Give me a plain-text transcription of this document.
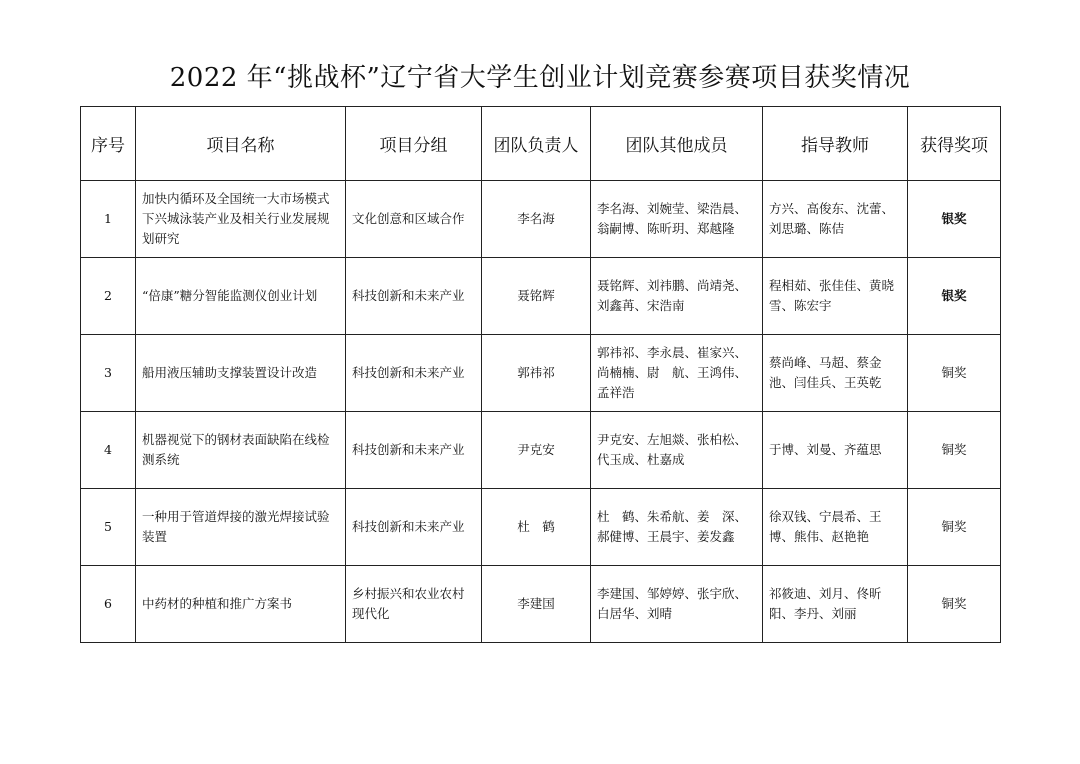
2022 年“挑战杯”辽宁省大学生创业计划竞赛参赛项目获奖情况
序号	项目名称	项目分组	团队负责人	团队其他成员	指导教师	获得奖项
1	加快内循环及全国统一大市场模式下兴城泳装产业及相关行业发展规划研究	文化创意和区域合作	李名海	李名海、刘婉莹、梁浩晨、翁嗣博、陈昕玥、郑越隆	方兴、高俊东、沈蕾、刘思璐、陈佶	银奖
2	“倍康”糖分智能监测仪创业计划	科技创新和未来产业	聂铭辉	聂铭辉、刘祎鹏、尚靖尧、刘鑫苒、宋浩南	程相茹、张佳佳、黄晓雪、陈宏宇	银奖
3	船用液压辅助支撑装置设计改造	科技创新和未来产业	郭祎祁	郭祎祁、李永晨、崔家兴、尚楠楠、尉　航、王鸿伟、孟祥浩	蔡尚峰、马超、蔡金池、闫佳兵、王英乾	铜奖
4	机器视觉下的钢材表面缺陷在线检测系统	科技创新和未来产业	尹克安	尹克安、左旭燚、张柏松、代玉成、杜嘉成	于博、刘曼、齐蕴思	铜奖
5	一种用于管道焊接的激光焊接试验装置	科技创新和未来产业	杜　鹤	杜　鹤、朱希航、姜　深、郝健博、王晨宇、姜发鑫	徐双钱、宁晨希、王博、熊伟、赵艳艳	铜奖
6	中药材的种植和推广方案书	乡村振兴和农业农村现代化	李建国	李建国、邹婷婷、张宇欣、白居华、刘晴	祁筱迪、刘月、佟昕阳、李丹、刘丽	铜奖
